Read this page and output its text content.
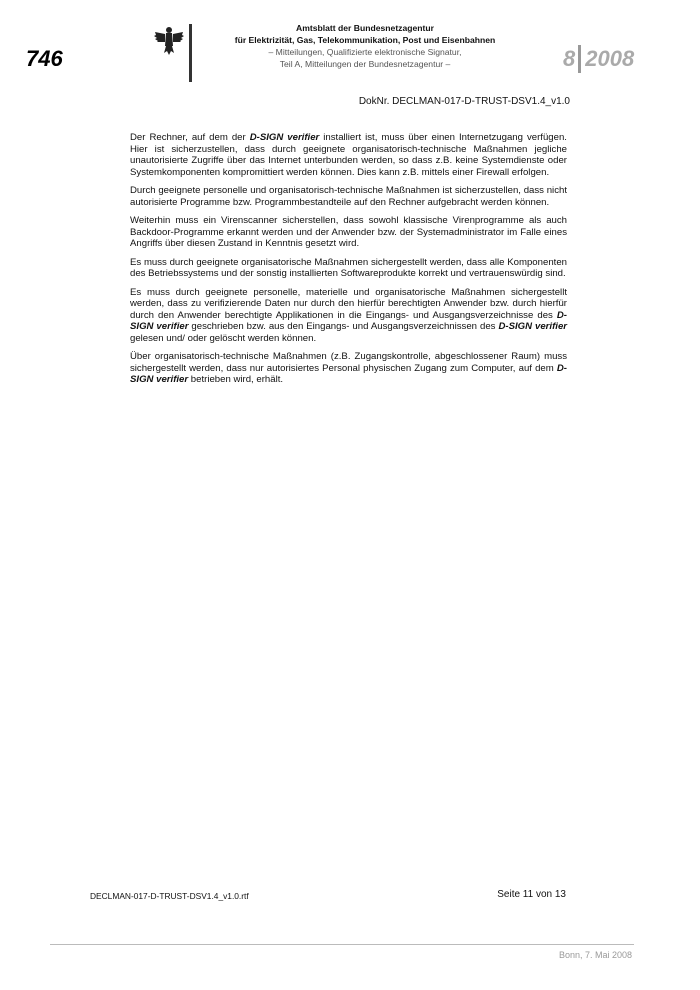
746
Amtsblatt der Bundesnetzagentur
für Elektrizität, Gas, Telekommunikation, Post und Eisenbahnen
– Mitteilungen, Qualifizierte elektronische Signatur,
Teil A, Mitteilungen der Bundesnetzagentur –	8 2008
DokNr. DECLMAN-017-D-TRUST-DSV1.4_v1.0

Der Rechner, auf dem der D-SIGN verifier installiert ist, muss über einen Internetzugang verfügen. Hier ist sicherzustellen, dass durch geeignete organisatorisch-technische Maßnahmen jegliche unautorisierte Zugriffe über das Internet unterbunden werden, so dass z.B. keine Systemdienste oder Systemkomponenten kompromittiert werden können. Dies kann z.B. mittels einer Firewall erfolgen.

Durch geeignete personelle und organisatorisch-technische Maßnahmen ist sicherzustellen, dass nicht autorisierte Programme bzw. Programmbestandteile auf den Rechner aufgebracht werden können.

Weiterhin muss ein Virenscanner sicherstellen, dass sowohl klassische Virenprogramme als auch Backdoor-Programme erkannt werden und der Anwender bzw. der Systemadministrator im Falle eines Angriffs über diesen Zustand in Kenntnis gesetzt wird.

Es muss durch geeignete organisatorische Maßnahmen sichergestellt werden, dass alle Komponenten des Betriebssystems und der sonstig installierten Softwareprodukte korrekt und vertrauenswürdig sind.

Es muss durch geeignete personelle, materielle und organisatorische Maßnahmen sichergestellt werden, dass zu verifizierende Daten nur durch den hierfür berechtigten Anwender bzw. durch hierfür durch den Anwender berechtigte Applikationen in die Eingangs- und Ausgangsverzeichnisse des D-SIGN verifier geschrieben bzw. aus den Eingangs- und Ausgangsverzeichnissen des D-SIGN verifier gelesen und/ oder gelöscht werden können.

Über organisatorisch-technische Maßnahmen (z.B. Zugangskontrolle, abgeschlossener Raum) muss sichergestellt werden, dass nur autorisiertes Personal physischen Zugang zum Computer, auf dem D-SIGN verifier betrieben wird, erhält.

DECLMAN-017-D-TRUST-DSV1.4_v1.0.rtf	Seite 11 von 13
Bonn, 7. Mai 2008
